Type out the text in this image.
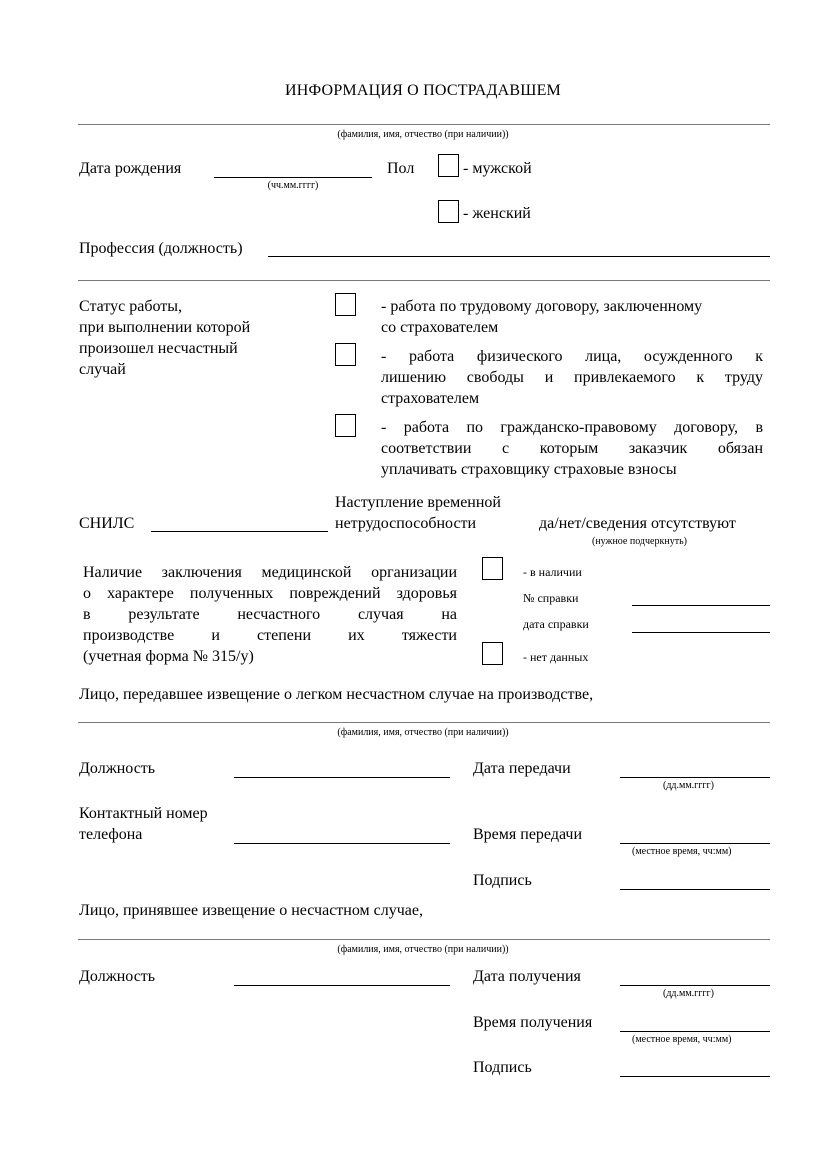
ИНФОРМАЦИЯ О ПОСТРАДАВШЕМ
(фамилия, имя, отчество (при наличии))
Дата рождения
(чч.мм.гггг)
Пол	- мужской
- женский
Профессия (должность)
Статус работы,
при выполнении которой
произошел несчастный
случай
- работа по трудовому договору, заключенному
со страхователем
- работа физического лица, осужденного к
лишению свободы и привлекаемого к труду
страхователем
- работа по гражданско-правовому договору, в
соответствии с которым заказчик обязан
уплачивать страховщику страховые взносы
СНИЛС
Наступление временной
нетрудоспособности	да/нет/сведения отсутствуют
(нужное подчеркнуть)
Наличие заключения медицинской организации
о характере полученных повреждений здоровья
в результате несчастного случая на
производстве и степени их тяжести
(учетная форма № 315/у)
- в наличии
№ справки
дата справки
- нет данных
Лицо, передавшее извещение о легком несчастном случае на производстве,
(фамилия, имя, отчество (при наличии))
Должность	Дата передачи
(дд.мм.гггг)
Контактный номер
телефона	Время передачи
(местное время, чч:мм)
Подпись
Лицо, принявшее извещение о несчастном случае,
(фамилия, имя, отчество (при наличии))
Должность	Дата получения
(дд.мм.гггг)
Время получения
(местное время, чч:мм)
Подпись
